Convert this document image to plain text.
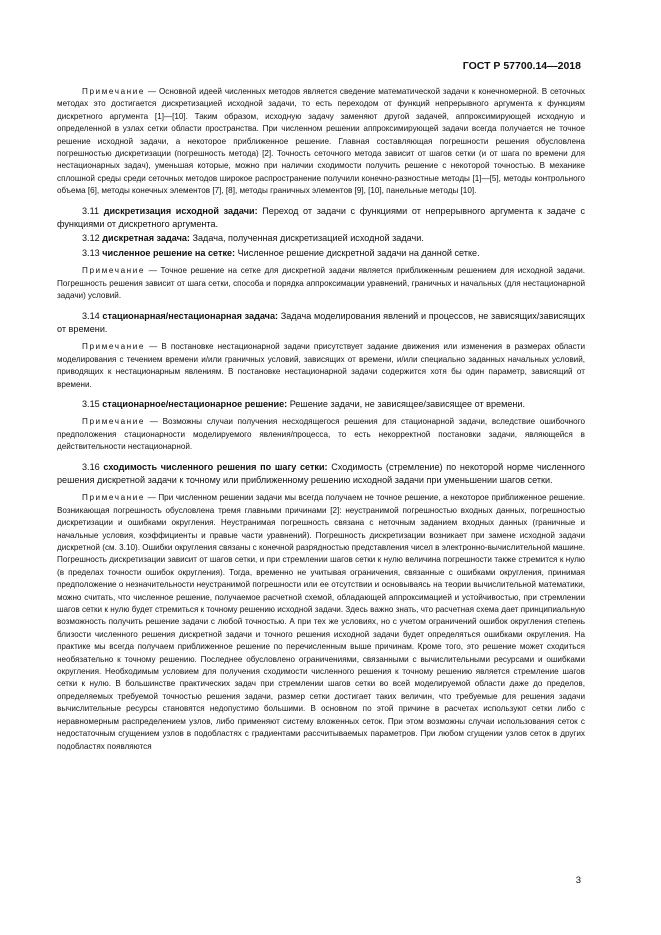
ГОСТ Р 57700.14—2018

Примечание — Основной идеей численных методов является сведение математической задачи к конечномерной. В сеточных методах это достигается дискретизацией исходной задачи, то есть переходом от функций непрерывного аргумента к функциям дискретного аргумента [1]—[10]. Таким образом, исходную задачу заменяют другой задачей, аппроксимирующей исходную и определенной в узлах сетки области пространства. При численном решении аппроксимирующей задачи всегда получается не точное решение исходной задачи, а некоторое приближенное решение. Главная составляющая погрешности решения обусловлена погрешностью дискретизации (погрешность метода) [2]. Точность сеточного метода зависит от шагов сетки (и от шага по времени для нестационарных задач), уменьшая которые, можно при наличии сходимости получить решение с некоторой точностью. В механике сплошной среды среди сеточных методов широкое распространение получили конечно-разностные методы [1]—[5], методы контрольного объема [6], методы конечных элементов [7], [8], методы граничных элементов [9], [10], панельные методы [10].

3.11 дискретизация исходной задачи: Переход от задачи с функциями от непрерывного аргумента к задаче с функциями от дискретного аргумента.

3.12 дискретная задача: Задача, полученная дискретизацией исходной задачи.

3.13 численное решение на сетке: Численное решение дискретной задачи на данной сетке.

Примечание — Точное решение на сетке для дискретной задачи является приближенным решением для исходной задачи. Погрешность решения зависит от шага сетки, способа и порядка аппроксимации уравнений, граничных и начальных (для нестационарной задачи) условий.

3.14 стационарная/нестационарная задача: Задача моделирования явлений и процессов, не зависящих/зависящих от времени.

Примечание — В постановке нестационарной задачи присутствует задание движения или изменения в размерах области моделирования с течением времени и/или граничных условий, зависящих от времени, и/или специально заданных начальных условий, приводящих к нестационарным явлениям. В постановке нестационарной задачи содержится хотя бы один параметр, зависящий от времени.

3.15 стационарное/нестационарное решение: Решение задачи, не зависящее/зависящее от времени.

Примечание — Возможны случаи получения несходящегося решения для стационарной задачи, вследствие ошибочного предположения стационарности моделируемого явления/процесса, то есть некорректной постановки задачи, являющейся в действительности нестационарной.

3.16 сходимость численного решения по шагу сетки: Сходимость (стремление) по некоторой норме численного решения дискретной задачи к точному или приближенному решению исходной задачи при уменьшении шагов сетки.

Примечание — При численном решении задачи мы всегда получаем не точное решение, а некоторое приближенное решение. Возникающая погрешность обусловлена тремя главными причинами [2]: неустранимой погрешностью входных данных, погрешностью дискретизации и ошибками округления. Неустранимая погрешность связана с неточным заданием входных данных (граничные и начальные условия, коэффициенты и правые части уравнений). Погрешность дискретизации возникает при замене исходной задачи дискретной (см. 3.10). Ошибки округления связаны с конечной разрядностью представления чисел в электронно-вычислительной машине. Погрешность дискретизации зависит от шагов сетки, и при стремлении шагов сетки к нулю величина погрешности также стремится к нулю (в пределах точности ошибок округления). Тогда, временно не учитывая ограничения, связанные с ошибками округления, принимая предположение о незначительности неустранимой погрешности или ее отсутствии и основываясь на теории вычислительной математики, можно считать, что численное решение, получаемое расчетной схемой, обладающей аппроксимацией и устойчивостью, при стремлении шагов сетки к нулю будет стремиться к точному решению исходной задачи. Здесь важно знать, что расчетная схема дает принципиальную возможность получить решение задачи с любой точностью. А при тех же условиях, но с учетом ограничений ошибок округления степень близости численного решения дискретной задачи и точного решения исходной задачи будет определяться ошибками округления. На практике мы всегда получаем приближенное решение по перечисленным выше причинам. Кроме того, это решение может сходиться необязательно к точному решению. Последнее обусловлено ограничениями, связанными с вычислительными ресурсами и ошибками округления. Необходимым условием для получения сходимости численного решения к точному решению является стремление шагов сетки к нулю. В большинстве практических задач при стремлении шагов сетки во всей моделируемой области даже до пределов, определяемых требуемой точностью решения задачи, размер сетки достигает таких величин, что требуемые для решения задачи вычислительные ресурсы становятся недопустимо большими. В основном по этой причине в расчетах используют сетки либо с неравномерным распределением узлов, либо применяют систему вложенных сеток. При этом возможны случаи использования сеток с недостаточным сгущением узлов в подобластях с градиентами рассчитываемых параметров. При любом сгущении узлов сеток в других подобластях появляются

3
